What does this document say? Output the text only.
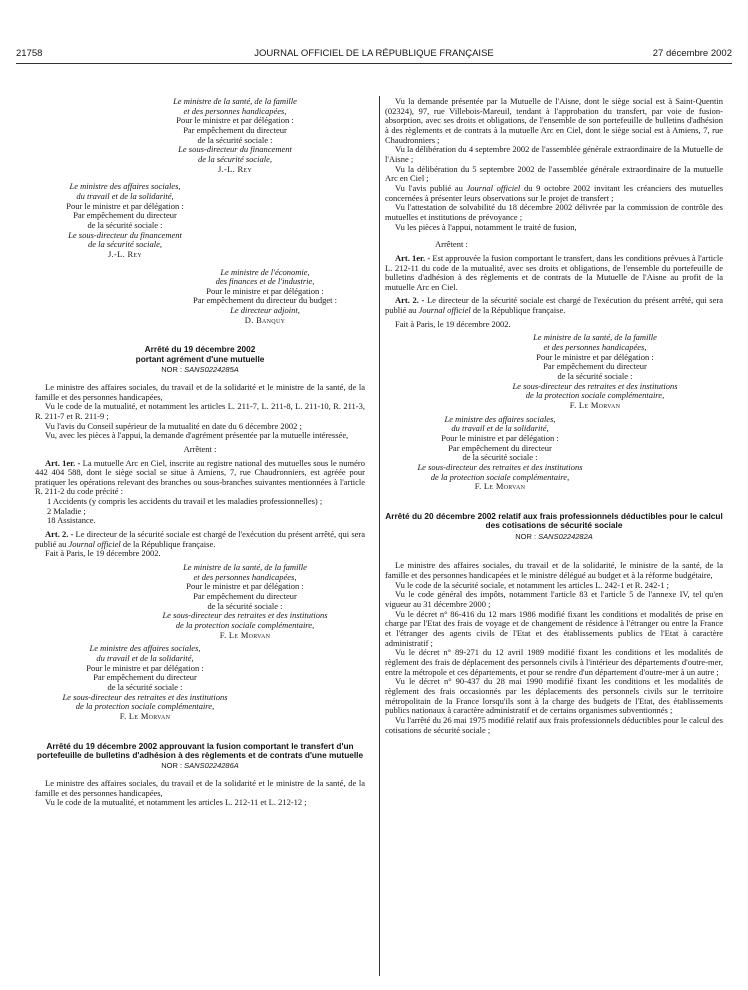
21758	JOURNAL OFFICIEL DE LA RÉPUBLIQUE FRANÇAISE	27 décembre 2002

Le ministre de la santé, de la famille

et des personnes handicapées,

Pour le ministre et par délégation :

Par empêchement du directeur

de la sécurité sociale :

Le sous-directeur du financement

de la sécurité sociale,

J.-L. Rey

Le ministre des affaires sociales,

du travail et de la solidarité,

Pour le ministre et par délégation :

Par empêchement du directeur

de la sécurité sociale :

Le sous-directeur du financement

de la sécurité sociale,

J.-L. Rey

Le ministre de l'économie,

des finances et de l'industrie,

Pour le ministre et par délégation :

Par empêchement du directeur du budget :

Le directeur adjoint,

D. Banquy

Arrêté du 19 décembre 2002
portant agrément d'une mutuelle

NOR : SANS0224285A

Le ministre des affaires sociales, du travail et de la solidarité et le ministre de la santé, de la famille et des personnes handicapées,

Vu le code de la mutualité, et notamment les articles L. 211-7, L. 211-8, L. 211-10, R. 211-3, R. 211-7 et R. 211-9 ;

Vu l'avis du Conseil supérieur de la mutualité en date du 6 décembre 2002 ;

Vu, avec les pièces à l'appui, la demande d'agrément présentée par la mutuelle intéressée,

Arrêtent :

Art. 1er. - La mutuelle Arc en Ciel, inscrite au registre national des mutuelles sous le numéro 442 404 588, dont le siège social se situe à Amiens, 7, rue Chaudronniers, est agréée pour pratiquer les opérations relevant des branches ou sous-branches suivantes mentionnées à l'article R. 211-2 du code précité :

1 Accidents (y compris les accidents du travail et les maladies professionnelles) ;

2 Maladie ;

18 Assistance.

Art. 2. - Le directeur de la sécurité sociale est chargé de l'exécution du présent arrêté, qui sera publié au Journal officiel de la République française.

Fait à Paris, le 19 décembre 2002.

Le ministre de la santé, de la famille

et des personnes handicapées,

Pour le ministre et par délégation :

Par empêchement du directeur

de la sécurité sociale :

Le sous-directeur des retraites et des institutions

de la protection sociale complémentaire,

F. Le Morvan

Le ministre des affaires sociales,

du travail et de la solidarité,

Pour le ministre et par délégation :

Par empêchement du directeur

de la sécurité sociale :

Le sous-directeur des retraites et des institutions

de la protection sociale complémentaire,

F. Le Morvan

Arrêté du 19 décembre 2002 approuvant la fusion comportant le transfert d'un portefeuille de bulletins d'adhésion à des règlements et de contrats d'une mutuelle

NOR : SANS0224286A

Le ministre des affaires sociales, du travail et de la solidarité et le ministre de la santé, de la famille et des personnes handicapées,

Vu le code de la mutualité, et notamment les articles L. 212-11 et L. 212-12 ;

Vu la demande présentée par la Mutuelle de l'Aisne, dont le siège social est à Saint-Quentin (02324), 97, rue Villebois-Mareuil, tendant à l'approbation du transfert, par voie de fusion-absorption, avec ses droits et obligations, de l'ensemble de son portefeuille de bulletins d'adhésion à des règlements et de contrats à la mutuelle Arc en Ciel, dont le siège social est à Amiens, 7, rue Chaudronniers ;

Vu la délibération du 4 septembre 2002 de l'assemblée générale extraordinaire de la Mutuelle de l'Aisne ;

Vu la délibération du 5 septembre 2002 de l'assemblée générale extraordinaire de la mutuelle Arc en Ciel ;

Vu l'avis publié au Journal officiel du 9 octobre 2002 invitant les créanciers des mutuelles concernées à présenter leurs observations sur le projet de transfert ;

Vu l'attestation de solvabilité du 18 décembre 2002 délivrée par la commission de contrôle des mutuelles et institutions de prévoyance ;

Vu les pièces à l'appui, notamment le traité de fusion,

Arrêtent :

Art. 1er. - Est approuvée la fusion comportant le transfert, dans les conditions prévues à l'article L. 212-11 du code de la mutualité, avec ses droits et obligations, de l'ensemble du portefeuille de bulletins d'adhésion à des règlements et de contrats de la Mutuelle de l'Aisne au profit de la mutuelle Arc en Ciel.

Art. 2. - Le directeur de la sécurité sociale est chargé de l'exécution du présent arrêté, qui sera publié au Journal officiel de la République française.

Fait à Paris, le 19 décembre 2002.

Le ministre de la santé, de la famille

et des personnes handicapées,

Pour le ministre et par délégation :

Par empêchement du directeur

de la sécurité sociale :

Le sous-directeur des retraites et des institutions

de la protection sociale complémentaire,

F. Le Morvan

Le ministre des affaires sociales,

du travail et de la solidarité,

Pour le ministre et par délégation :

Par empêchement du directeur

de la sécurité sociale :

Le sous-directeur des retraites et des institutions

de la protection sociale complémentaire,

F. Le Morvan

Arrêté du 20 décembre 2002 relatif aux frais professionnels déductibles pour le calcul des cotisations de sécurité sociale

NOR : SANS0224282A

Le ministre des affaires sociales, du travail et de la solidarité, le ministre de la santé, de la famille et des personnes handicapées et le ministre délégué au budget et à la réforme budgétaire,

Vu le code de la sécurité sociale, et notamment les articles L. 242-1 et R. 242-1 ;

Vu le code général des impôts, notamment l'article 83 et l'article 5 de l'annexe IV, tel qu'en vigueur au 31 décembre 2000 ;

Vu le décret n° 86-416 du 12 mars 1986 modifié fixant les conditions et modalités de prise en charge par l'Etat des frais de voyage et de changement de résidence à l'étranger ou entre la France et l'étranger des agents civils de l'Etat et des établissements publics de l'Etat à caractère administratif ;

Vu le décret n° 89-271 du 12 avril 1989 modifié fixant les conditions et les modalités de règlement des frais de déplacement des personnels civils à l'intérieur des départements d'outre-mer, entre la métropole et ces départements, et pour se rendre d'un département d'outre-mer à un autre ;

Vu le décret n° 90-437 du 28 mai 1990 modifié fixant les conditions et les modalités de règlement des frais occasionnés par les déplacements des personnels civils sur le territoire métropolitain de la France lorsqu'ils sont à la charge des budgets de l'Etat, des établissements publics nationaux à caractère administratif et de certains organismes subventionnés ;

Vu l'arrêté du 26 mai 1975 modifié relatif aux frais professionnels déductibles pour le calcul des cotisations de sécurité sociale ;
